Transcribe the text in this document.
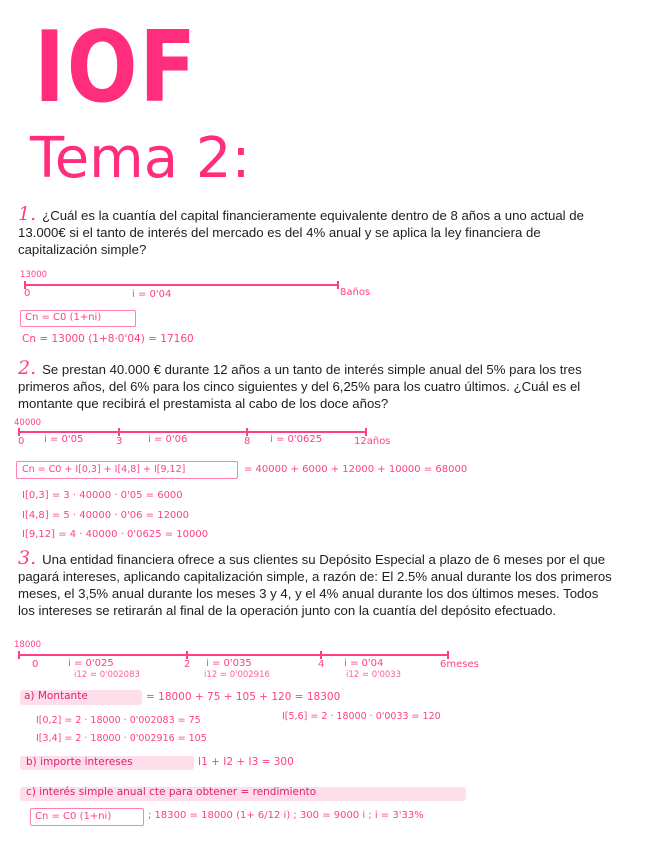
IOF
Tema 2:
1. ¿Cuál es la cuantía del capital financieramente equivalente dentro de 8 años a uno actual de 13.000€ si el tanto de interés del mercado es del 4% anual y se aplica la ley financiera de capitalización simple?
13000
0	i = 0'04	8años
Cn = C0 (1+ni)
Cn = 13000 (1+8·0'04) = 17160
2. Se prestan 40.000 € durante 12 años a un tanto de interés simple anual del 5% para los tres primeros años, del 6% para los cinco siguientes y del 6,25% para los cuatro últimos. ¿Cuál es el montante que recibirá el prestamista al cabo de los doce años?
40000
0 i = 0'05	3	i = 0'06	8 i = 0'0625	12años
Cn = C0 + I[0,3] + I[4,8] + I[9,12]	= 40000 + 6000 + 12000 + 10000 = 68000
I[0,3] = 3 · 40000 · 0'05 = 6000
I[4,8] = 5 · 40000 · 0'06 = 12000
I[9,12] = 4 · 40000 · 0'0625 = 10000
3. Una entidad financiera ofrece a sus clientes su Depósito Especial a plazo de 6 meses por el que pagará intereses, aplicando capitalización simple, a razón de: El 2.5% anual durante los dos primeros meses, el 3,5% anual durante los meses 3 y 4, y el 4% anual durante los dos últimos meses. Todos los intereses se retirarán al final de la operación junto con la cuantía del depósito efectuado.
18000
0	i = 0'025
i12 = 0'002083
2 i = 0'035
i12 = 0'002916
4 i = 0'04
i12 = 0'0033
6meses
a) Montante	= 18000 + 75 + 105 + 120 = 18300
I[0,2] = 2 · 18000 · 0'002083 = 75	I[5,6] = 2 · 18000 · 0'0033 = 120
I[3,4] = 2 · 18000 · 0'002916 = 105
b) importe intereses	I1 + I2 + I3 = 300
c) interés simple anual cte para obtener = rendimiento
Cn = C0 (1+ni)	; 18300 = 18000 (1+ 6/12 i) ; 300 = 9000 i ; i = 3'33%
